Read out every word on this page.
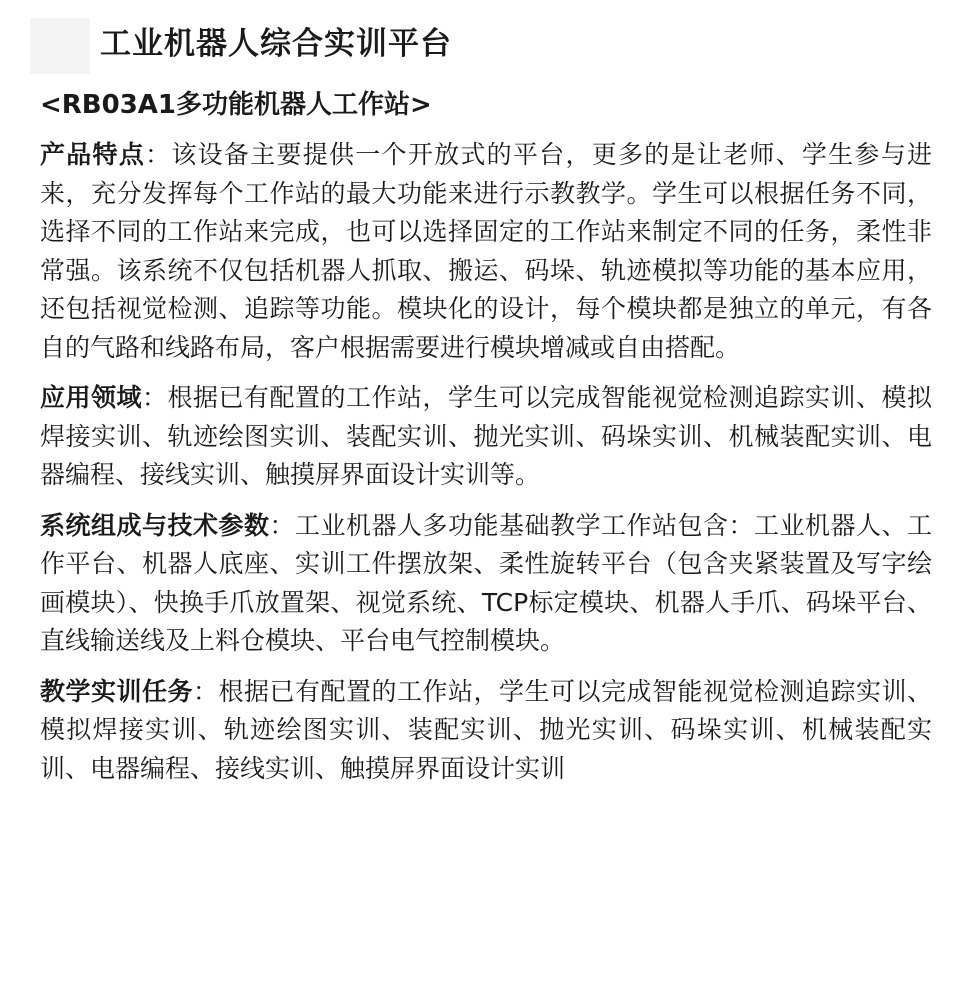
工业机器人综合实训平台
<RB03A1多功能机器人工作站>

产品特点：该设备主要提供一个开放式的平台，更多的是让老师、学生参与进来，充分发挥每个工作站的最大功能来进行示教教学。学生可以根据任务不同，选择不同的工作站来完成，也可以选择固定的工作站来制定不同的任务，柔性非常强。该系统不仅包括机器人抓取、搬运、码垛、轨迹模拟等功能的基本应用，还包括视觉检测、追踪等功能。模块化的设计，每个模块都是独立的单元，有各自的气路和线路布局，客户根据需要进行模块增减或自由搭配。

应用领域：根据已有配置的工作站，学生可以完成智能视觉检测追踪实训、模拟焊接实训、轨迹绘图实训、装配实训、抛光实训、码垛实训、机械装配实训、电器编程、接线实训、触摸屏界面设计实训等。

系统组成与技术参数：工业机器人多功能基础教学工作站包含：工业机器人、工作平台、机器人底座、实训工件摆放架、柔性旋转平台（包含夹紧装置及写字绘画模块）、快换手爪放置架、视觉系统、TCP标定模块、机器人手爪、码垛平台、直线输送线及上料仓模块、平台电气控制模块。

教学实训任务：根据已有配置的工作站，学生可以完成智能视觉检测追踪实训、模拟焊接实训、轨迹绘图实训、装配实训、抛光实训、码垛实训、机械装配实训、电器编程、接线实训、触摸屏界面设计实训
